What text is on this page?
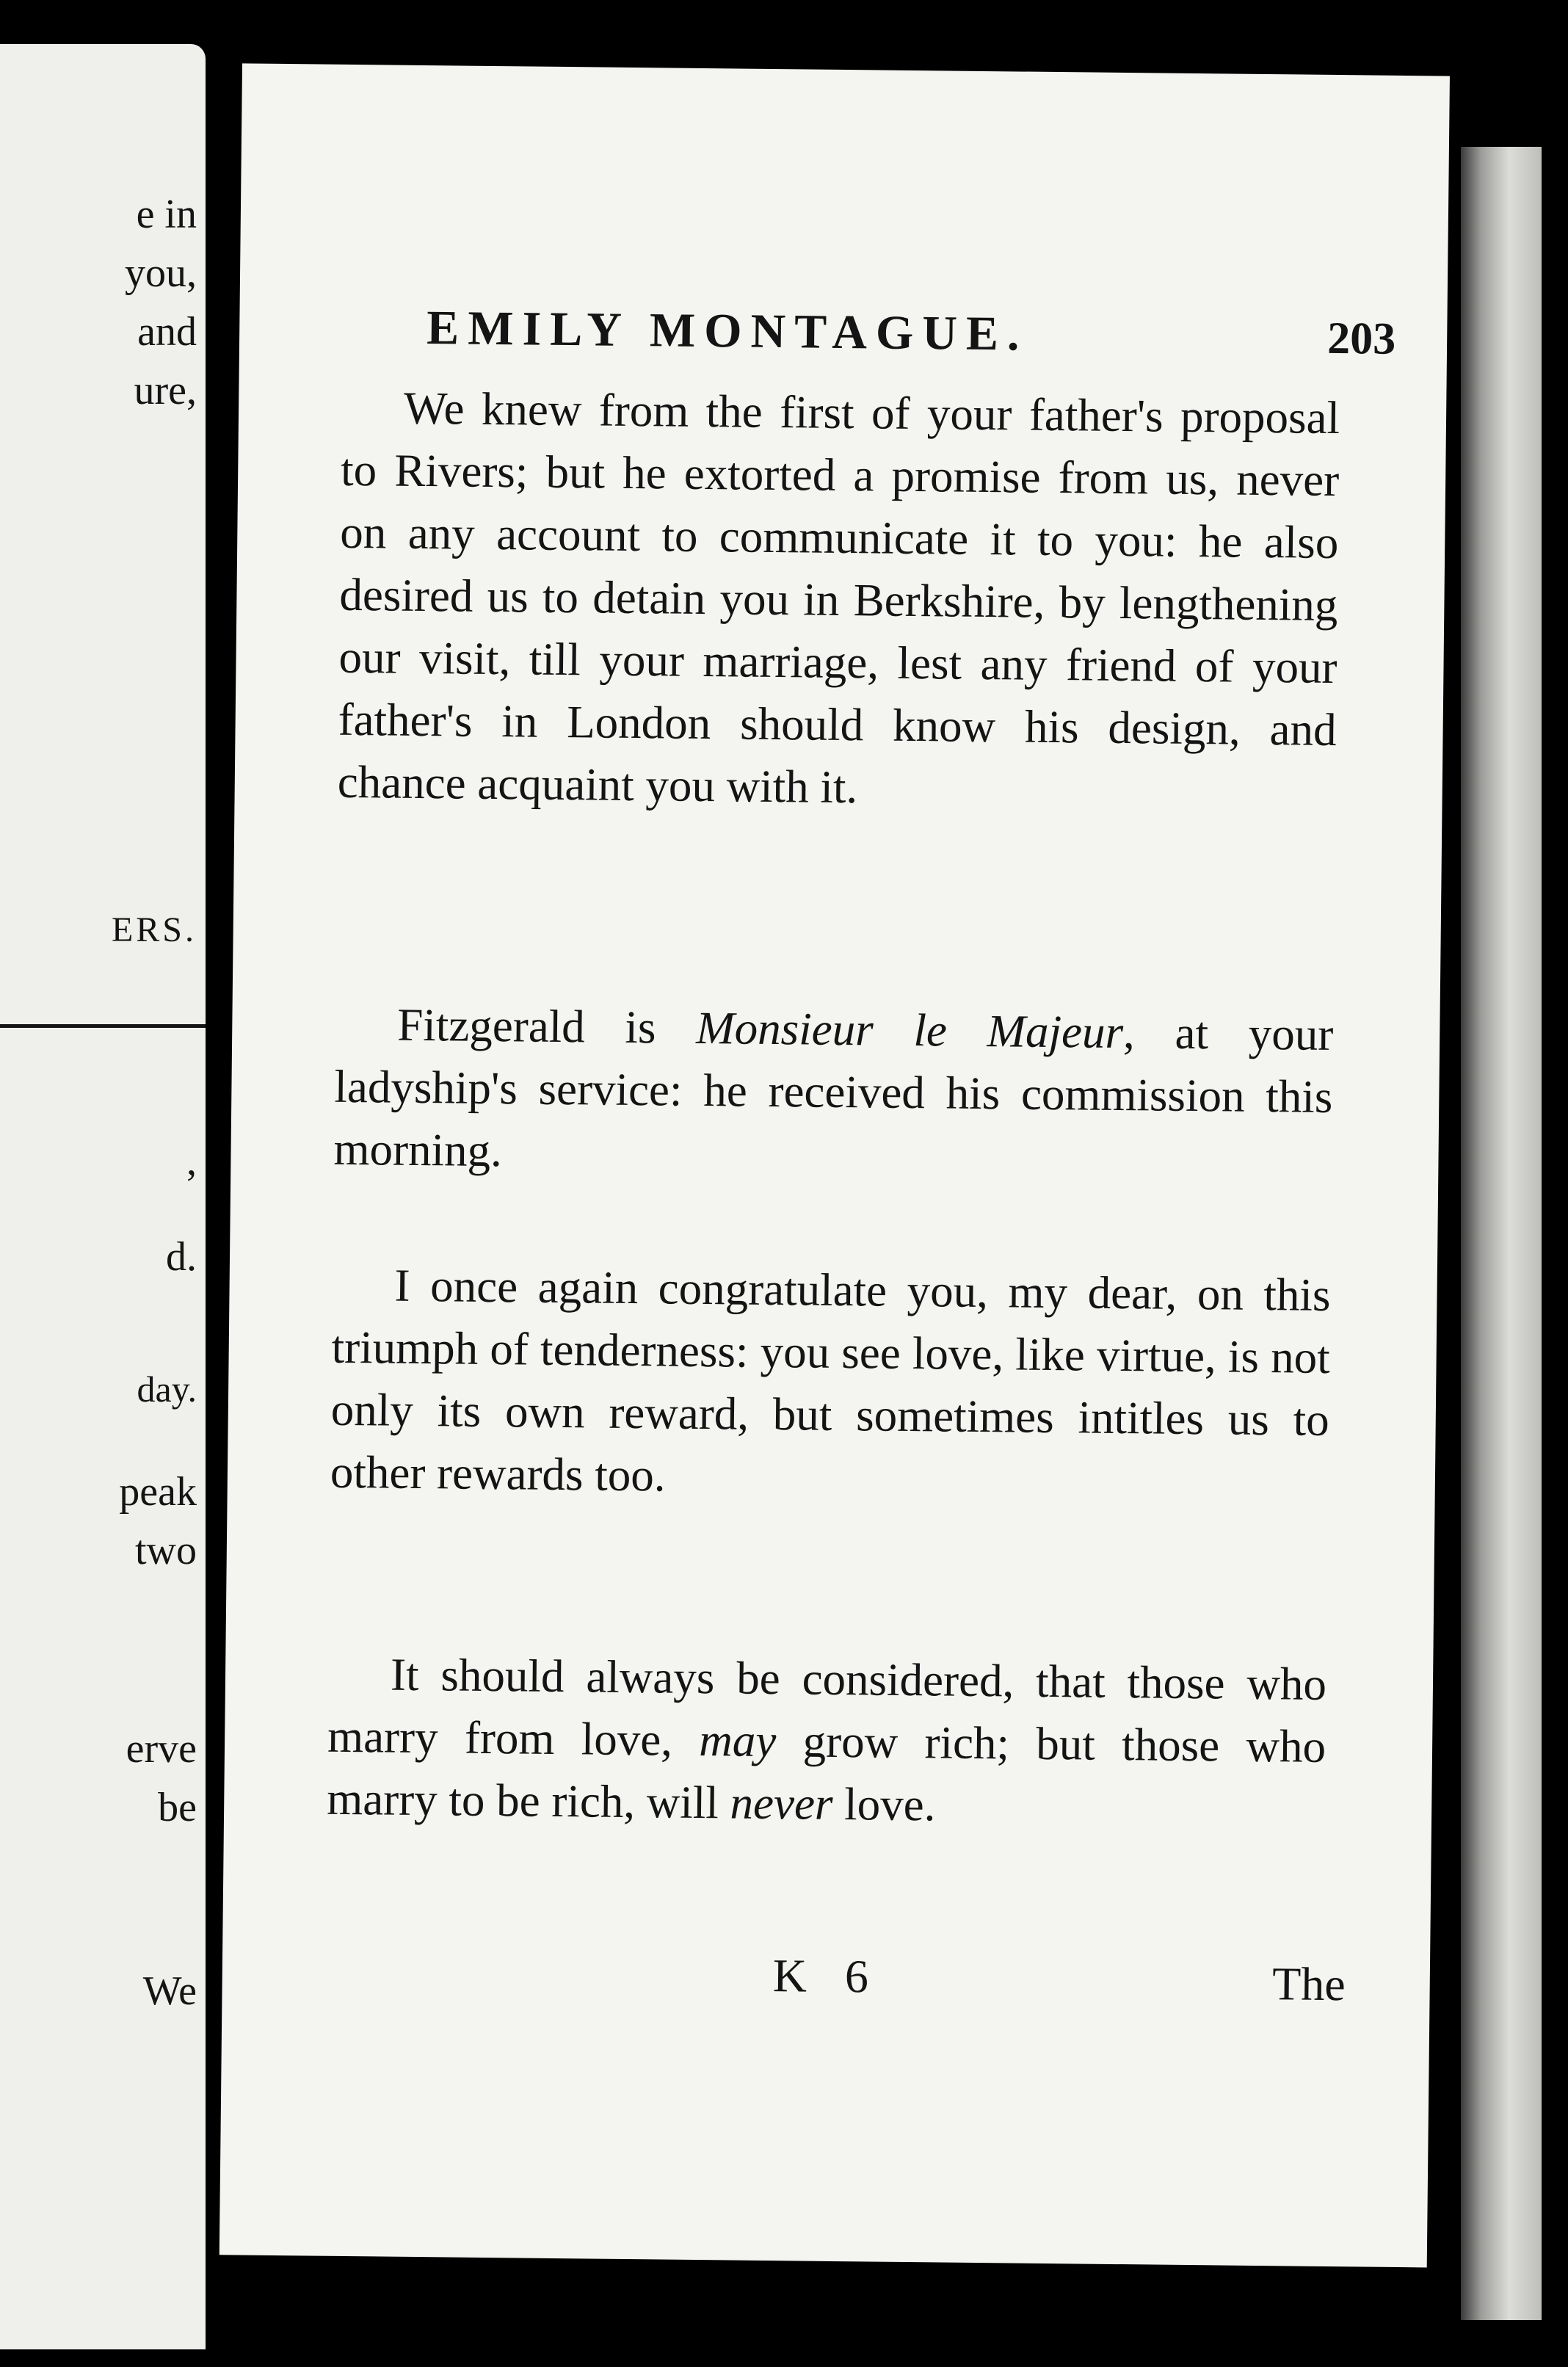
e in
you,
and
ure,
ERS.
,
d.
day.
peak
two
erve
be
We
EMILY MONTAGUE.	203

We knew from the first of your father's proposal to Rivers; but he extorted a promise from us, never on any account to communicate it to you: he also desired us to detain you in Berkshire, by lengthening our visit, till your marriage, lest any friend of your father's in London should know his design, and chance acquaint you with it.

Fitzgerald is Monsieur le Majeur, at your ladyship's service: he received his commission this morning.

I once again congratulate you, my dear, on this triumph of tenderness: you see love, like virtue, is not only its own reward, but sometimes intitles us to other rewards too.

It should always be considered, that those who marry from love, may grow rich; but those who marry to be rich, will never love.

K 6	The
